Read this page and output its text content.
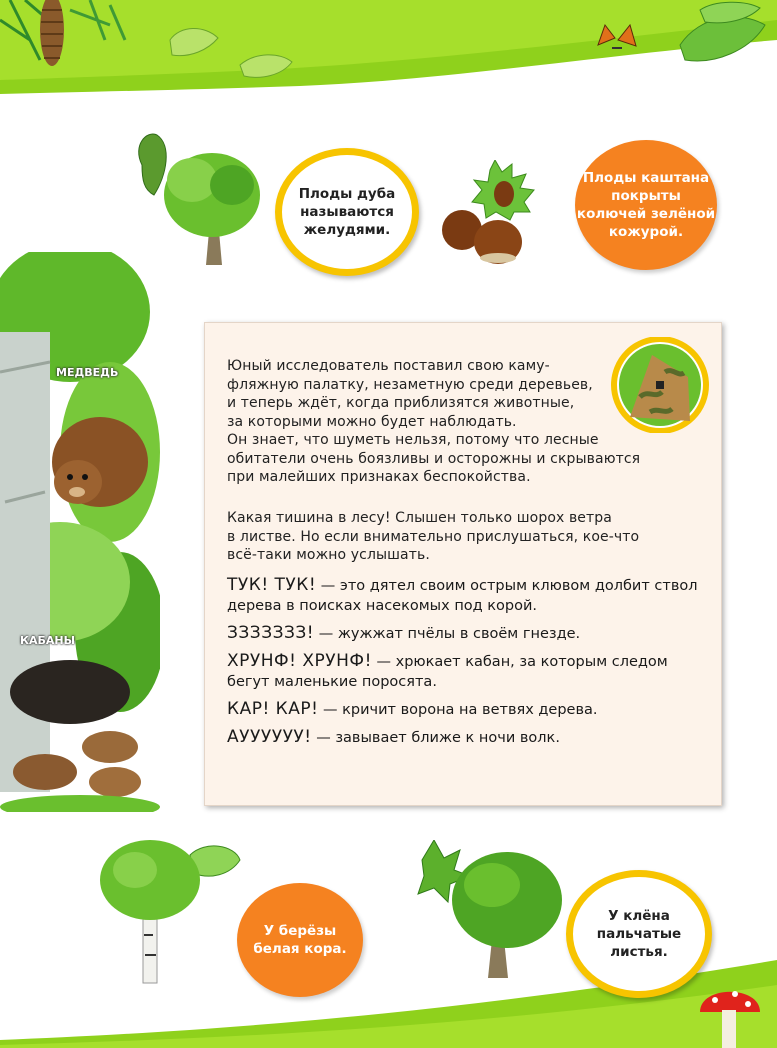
Плоды дуба
называются
желудями.
Плоды каштана
покрыты
колючей зелёной
кожурой.
МЕДВЕДЬ
КАБАНЫ
Юный исследователь поставил свою каму-
фляжную палатку, незаметную среди деревьев,
и теперь ждёт, когда приблизятся животные,
за которыми можно будет наблюдать.
Он знает, что шуметь нельзя, потому что лесные
обитатели очень боязливы и осторожны и скрываются
при малейших признаках беспокойства.
Какая тишина в лесу! Слышен только шорох ветра
в листве. Но если внимательно прислушаться, кое-что
всё-таки можно услышать.
ТУК! ТУК! — это дятел своим острым клювом долбит ствол дерева в поисках насекомых под корой.
ЗЗЗЗЗЗЗ! — жужжат пчёлы в своём гнезде.
ХРУНФ! ХРУНФ! — хрюкает кабан, за которым следом бегут маленькие поросята.
КАР! КАР! — кричит ворона на ветвях дерева.
АУУУУУУ! — завывает ближе к ночи волк.
У берёзы
белая кора.
У клёна
пальчатые
листья.
